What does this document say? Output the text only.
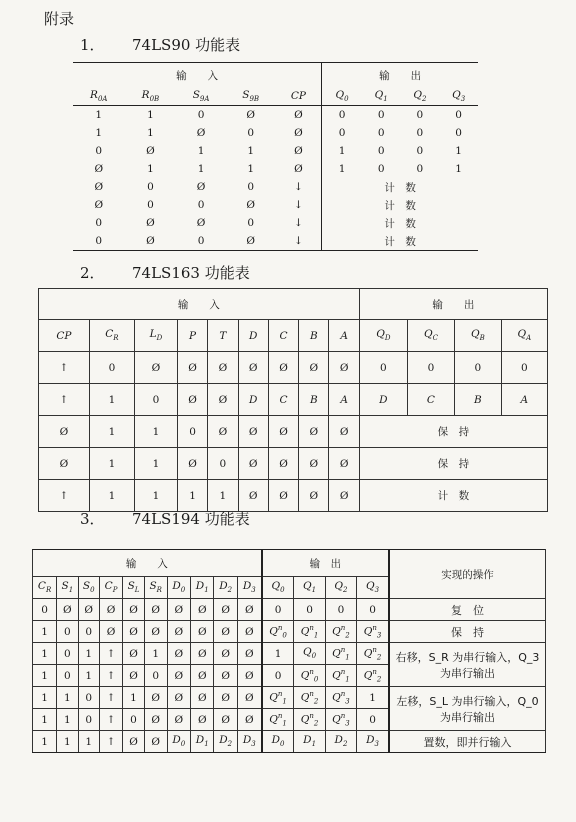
附录
1． 74LS90 功能表
输　　入					输　　出			
$R_{0A}$	$R_{0B}$	$S_{9A}$	$S_{9B}$	CP	$Q_0$	$Q_1$	$Q_2$	$Q_3$
1	1	0	Ø	Ø	0	0	0	0
1	1	Ø	0	Ø	0	0	0	0
0	Ø	1	1	Ø	1	0	0	1
Ø	1	1	1	Ø	1	0	0	1
Ø	0	Ø	0	↓	计　数			
Ø	0	0	Ø	↓	计　数			
0	Ø	Ø	0	↓	计　数			
0	Ø	0	Ø	↓	计　数			
2． 74LS163 功能表
输　　入									输　　出			
CP	$C_R$	$L_D$	P	T	D	C	B	A	$Q_D$	$Q_C$	$Q_B$	$Q_A$
↑	0	Ø	Ø	Ø	Ø	Ø	Ø	Ø	0	0	0	0
↑	1	0	Ø	Ø	D	C	B	A	D	C	B	A
Ø	1	1	0	Ø	Ø	Ø	Ø	Ø	保　持			
Ø	1	1	Ø	0	Ø	Ø	Ø	Ø	保　持			
↑	1	1	1	1	Ø	Ø	Ø	Ø	计　数			
3． 74LS194 功能表
输　　入										输　出				实现的操作
$C_R$	$S_1$	$S_0$	$C_P$	$S_L$	$S_R$	$D_0$	$D_1$	$D_2$	$D_3$	$Q_0$	$Q_1$	$Q_2$	$Q_3$
0	Ø	Ø	Ø	Ø	Ø	Ø	Ø	Ø	Ø	0	0	0	0	复　位
1	0	0	Ø	Ø	Ø	Ø	Ø	Ø	Ø	$Q^n_0$	$Q^n_1$	$Q^n_2$	$Q^n_3$	保　持
1	0	1	↑	Ø	1	Ø	Ø	Ø	Ø	1	$Q_0$	$Q^n_1$	$Q^n_2$	右移，S_R 为串行输入，Q_3 为串行输出
1	0	1	↑	Ø	0	Ø	Ø	Ø	Ø	0	$Q^n_0$	$Q^n_1$	$Q^n_2$
1	1	0	↑	1	Ø	Ø	Ø	Ø	Ø	$Q^n_1$	$Q^n_2$	$Q^n_3$	1	左移，S_L 为串行输入，Q_0 为串行输出
1	1	0	↑	0	Ø	Ø	Ø	Ø	Ø	$Q^n_1$	$Q^n_2$	$Q^n_3$	0	
1	1	1	↑	Ø	Ø	$D_0$	$D_1$	$D_2$	$D_3$	$D_0$	$D_1$	$D_2$	$D_3$	置数，即并行输入
